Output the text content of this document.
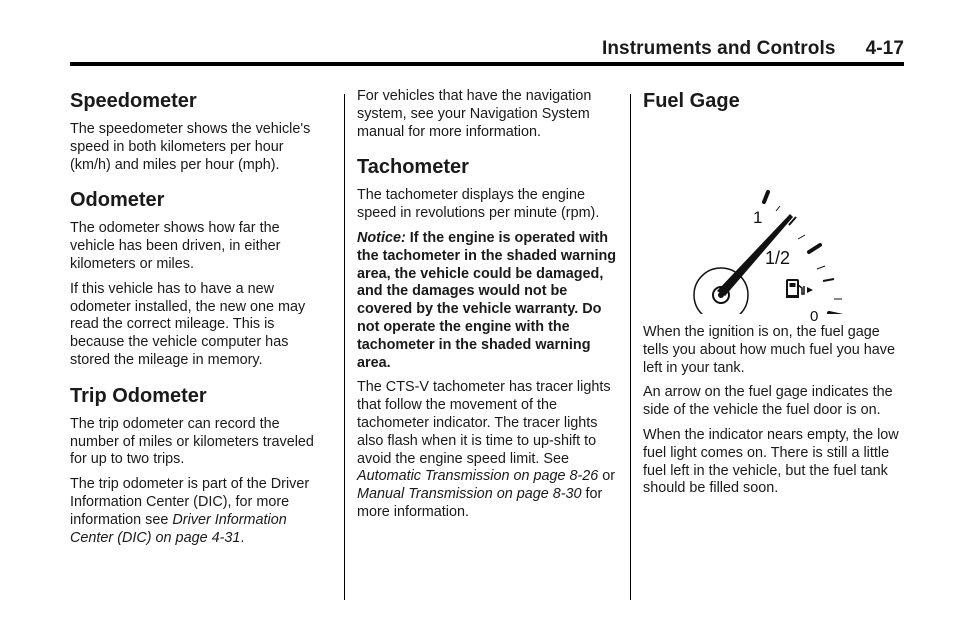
Instruments and Controls 4-17
Speedometer

The speedometer shows the vehicle's speed in both kilometers per hour (km/h) and miles per hour (mph).

Odometer

The odometer shows how far the vehicle has been driven, in either kilometers or miles.

If this vehicle has to have a new odometer installed, the new one may read the correct mileage. This is because the vehicle computer has stored the mileage in memory.

Trip Odometer

The trip odometer can record the number of miles or kilometers traveled for up to two trips.

The trip odometer is part of the Driver Information Center (DIC), for more information see Driver Information Center (DIC) on page 4-31.

For vehicles that have the navigation system, see your Navigation System manual for more information.

Tachometer

The tachometer displays the engine speed in revolutions per minute (rpm).

Notice: If the engine is operated with the tachometer in the shaded warning area, the vehicle could be damaged, and the damages would not be covered by the vehicle warranty. Do not operate the engine with the tachometer in the shaded warning area.

The CTS-V tachometer has tracer lights that follow the movement of the tachometer indicator. The tracer lights also flash when it is time to up-shift to avoid the engine speed limit. See Automatic Transmission on page 8-26 or Manual Transmission on page 8-30 for more information.

Fuel Gage
1
1/2
0

When the ignition is on, the fuel gage tells you about how much fuel you have left in your tank.

An arrow on the fuel gage indicates the side of the vehicle the fuel door is on.

When the indicator nears empty, the low fuel light comes on. There is still a little fuel left in the vehicle, but the fuel tank should be filled soon.
